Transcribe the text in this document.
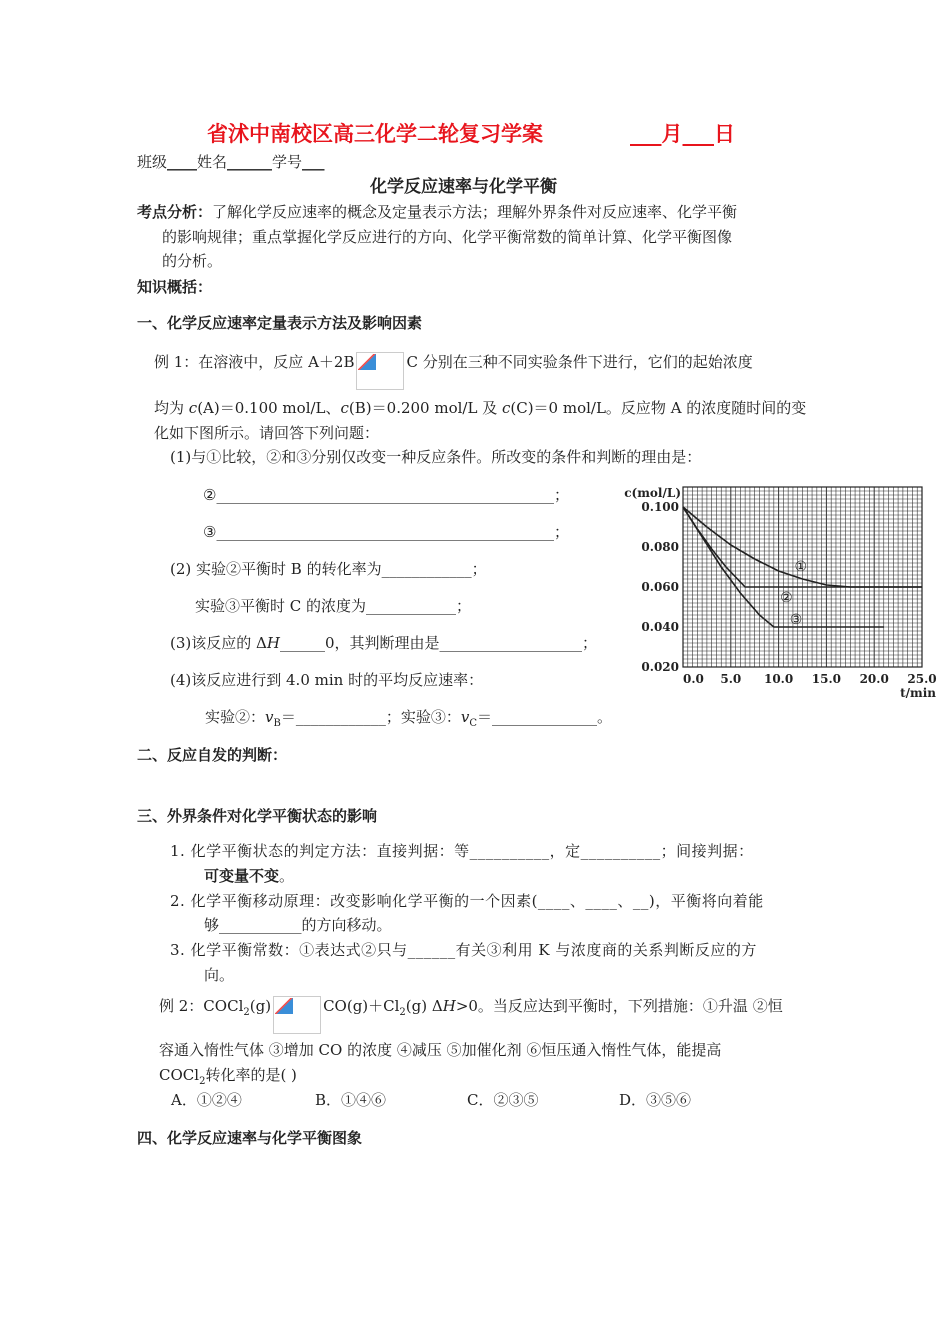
省沭中南校区高三化学二轮复习学案	___月___日
班级____姓名______学号___
化学反应速率与化学平衡
考点分析：了解化学反应速率的概念及定量表示方法；理解外界条件对反应速率、化学平衡
的影响规律；重点掌握化学反应进行的方向、化学平衡常数的简单计算、化学平衡图像
的分析。
知识概括：
一、化学反应速率定量表示方法及影响因素
例 1：在溶液中，反应 A＋2B	C 分别在三种不同实验条件下进行，它们的起始浓度
均为 c(A)＝0.100 mol/L、c(B)＝0.200 mol/L 及 c(C)＝0 mol/L。反应物 A 的浓度随时间的变
化如下图所示。请回答下列问题：
(1)与①比较，②和③分别仅改变一种反应条件。所改变的条件和判断的理由是：
②_____________________________________________；
③_____________________________________________；
(2) 实验②平衡时 B 的转化率为____________；
实验③平衡时 C 的浓度为____________；
(3)该反应的 ΔH______0，其判断理由是___________________；
(4)该反应进行到 4.0 min 时的平均反应速率：
实验②：$v_B=\_\_\_\_\_\_\_\_\_\_\_\_$；实验③：$v_C=\_\_\_\_\_\_\_\_\_\_\_\_\_\_$。
①
②
③
0.100
0.080
0.060
0.040
0.020
0.0 5.0 10.0 15.0 20.0 25.0
c(mol/L)
t/min
二、反应自发的判断：
三、外界条件对化学平衡状态的影响
1. 化学平衡状态的判定方法：直接判据：等__________，定__________；间接判据：
可变量不变。
2. 化学平衡移动原理：改变影响化学平衡的一个因素(____、____、__)，平衡将向着能
够___________的方向移动。
3. 化学平衡常数：①表达式②只与______有关③利用 K 与浓度商的关系判断反应的方
向。
例 2：COCl$_2$(g)	$CO(g)+Cl_2(g)$ ΔH>0。当反应达到平衡时，下列措施：①升温 ②恒
容通入惰性气体 ③增加 CO 的浓度 ④减压 ⑤加催化剂 ⑥恒压通入惰性气体，能提高
COCl$_2$转化率的是( )
A．①②④	B．①④⑥	C．②③⑤	D．③⑤⑥
四、化学反应速率与化学平衡图象
